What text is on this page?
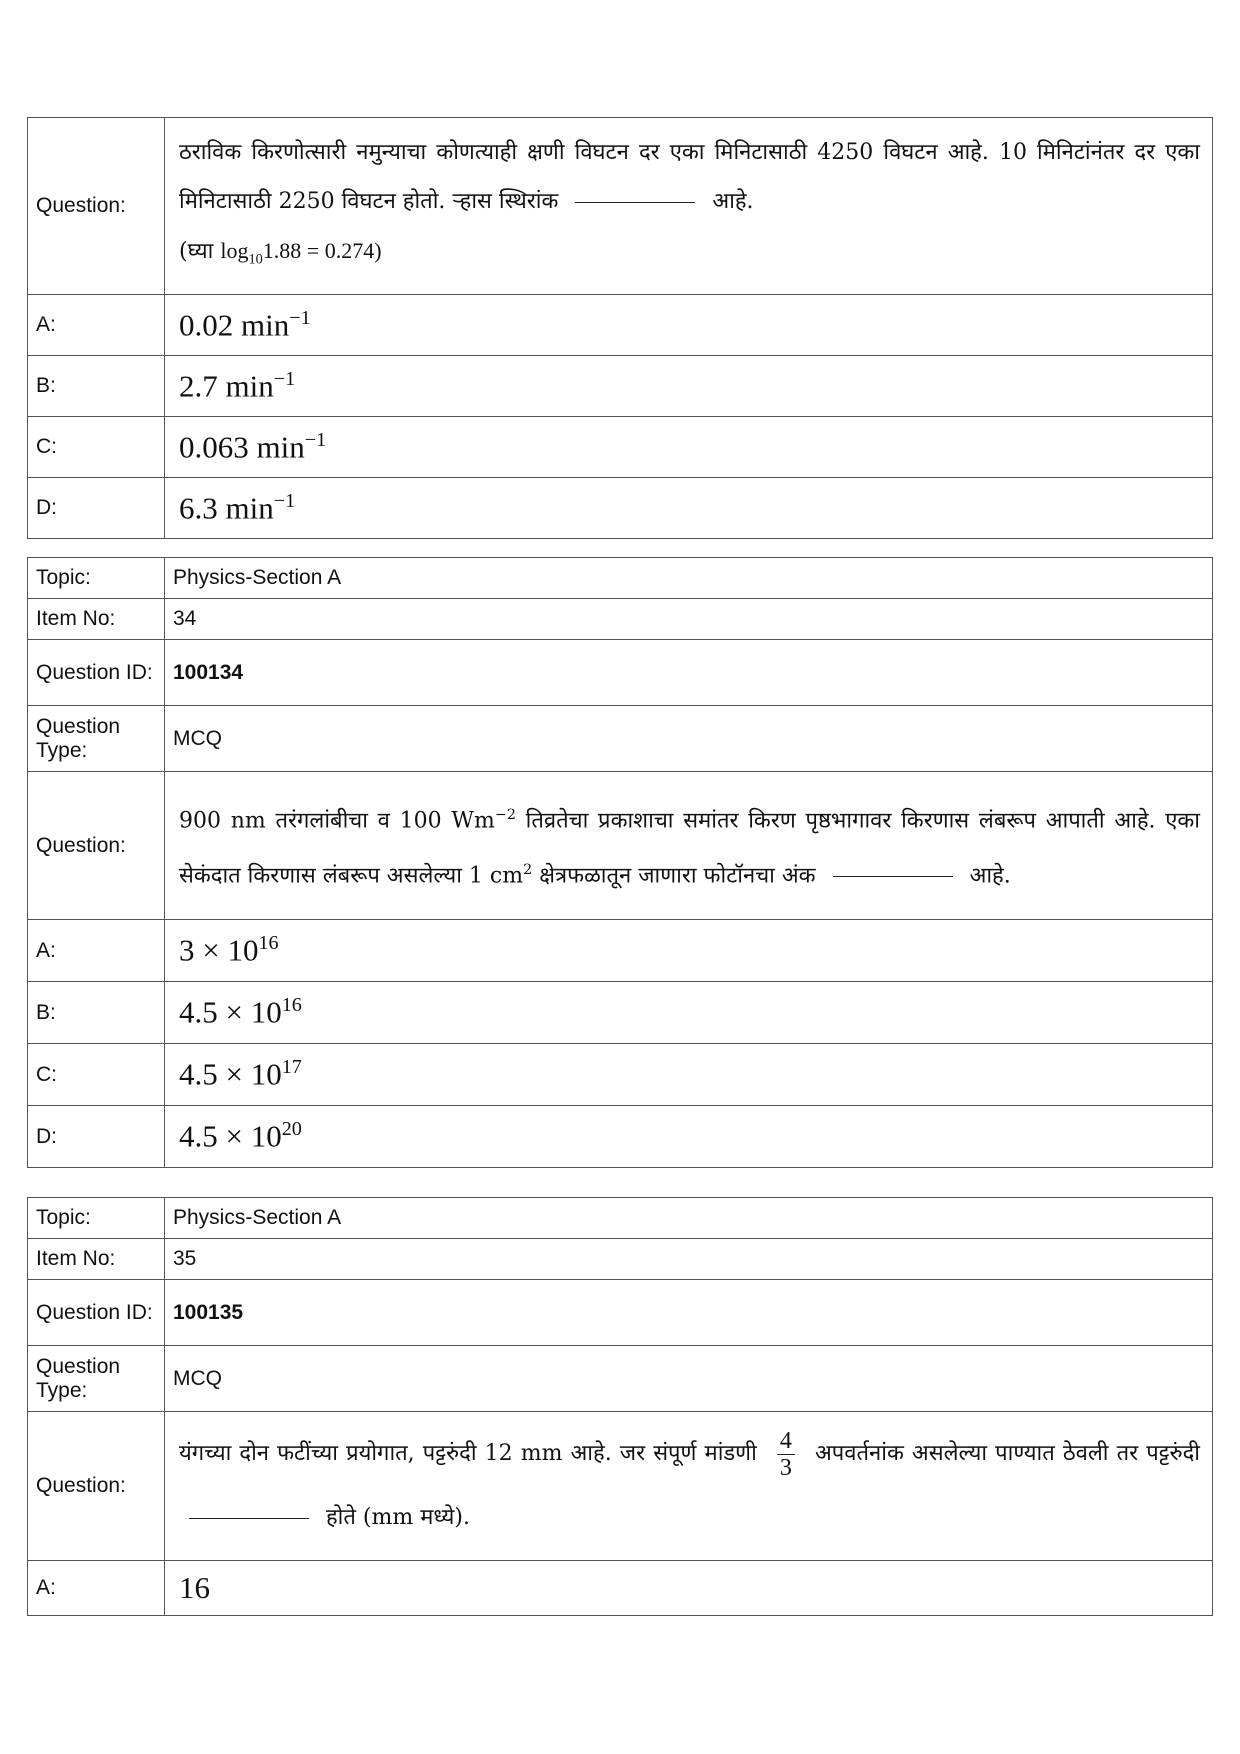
Question:	ठराविक किरणोत्सारी नमुन्याचा कोणत्याही क्षणी विघटन दर एका मिनिटासाठी 4250 विघटन आहे. 10 मिनिटांनंतर दर एका मिनिटासाठी 2250 विघटन होतो. ऱ्हास स्थिरांक आहे.
(घ्या $\log_{10}1.88 = 0.274$)
A:	0.02 $\min^{-1}$
B:	2.7 $\min^{-1}$
C:	0.063 $\min^{-1}$
D:	6.3 $\min^{-1}$
Topic:	Physics-Section A
Item No:	34
Question ID:	100134
Question Type:	MCQ
Question:	900 nm तरंगलांबीचा व 100 $Wm^{-2}$ तिव्रतेचा प्रकाशाचा समांतर किरण पृष्ठभागावर किरणास लंबरूप आपाती आहे. एका सेकंदात किरणास लंबरूप असलेल्या 1 $cm^2$ क्षेत्रफळातून जाणारा फोटॉनचा अंक आहे.
A:	$3 \times 10^{16}$
B:	$4.5 \times 10^{16}$
C:	$4.5 \times 10^{17}$
D:	$4.5 \times 10^{20}$
Topic:	Physics-Section A
Item No:	35
Question ID:	100135
Question Type:	MCQ
Question:	यंगच्या दोन फटींच्या प्रयोगात, पट्टरुंदी 12 mm आहे. जर संपूर्ण मांडणी $\frac{4}{3}$ अपवर्तनांक असलेल्या पाण्यात ठेवली तर पट्टरुंदी  होते (mm मध्ये).
A:	16
